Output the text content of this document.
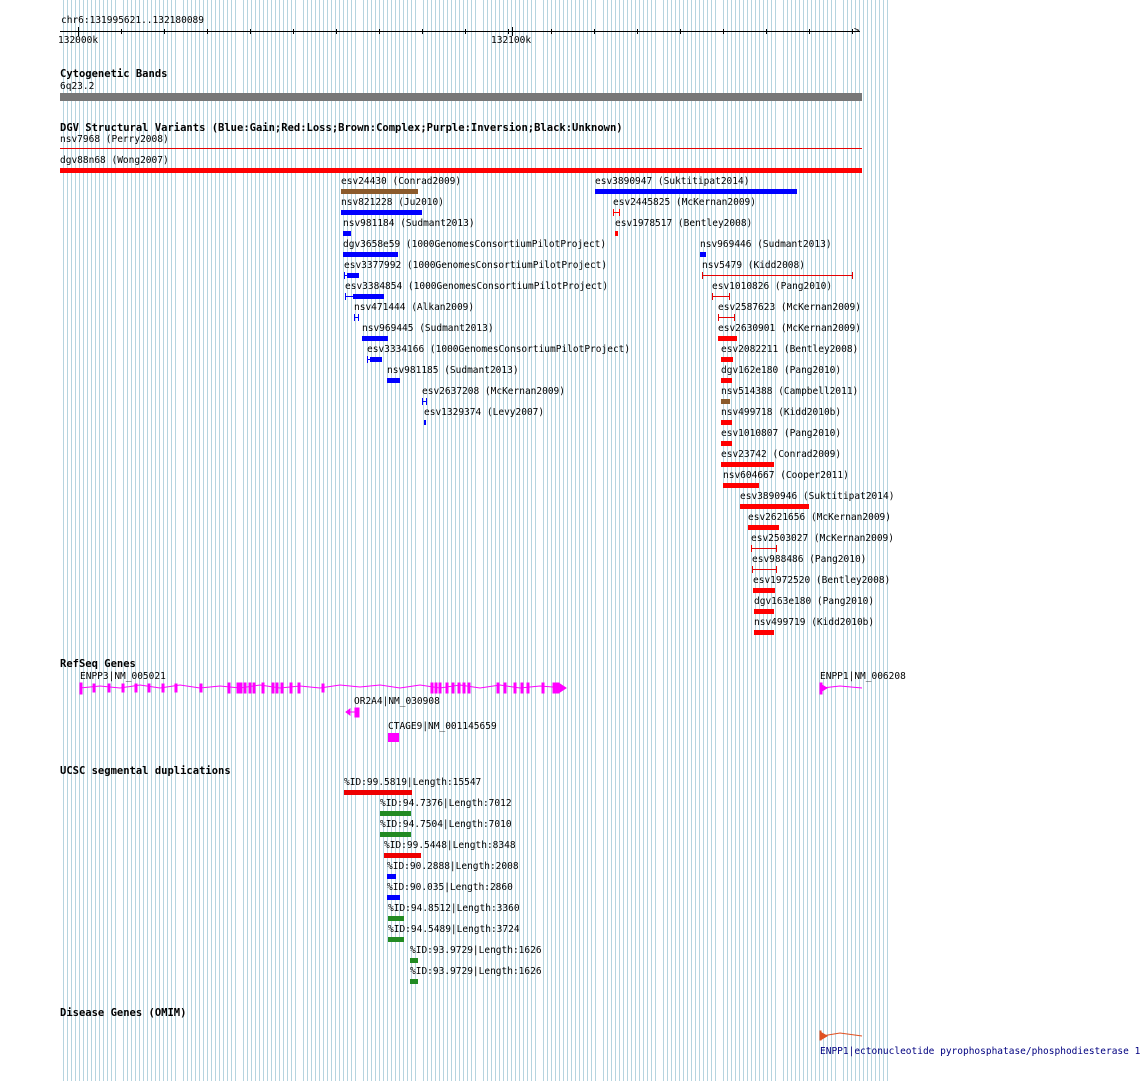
chr6:131995621..132180089
>
132000k	132100k
Cytogenetic Bands
6q23.2
DGV Structural Variants (Blue:Gain;Red:Loss;Brown:Complex;Purple:Inversion;Black:Unknown)
nsv7968 (Perry2008)
dgv88n68 (Wong2007)
esv24430 (Conrad2009)
nsv821228 (Ju2010)
nsv981184 (Sudmant2013)
dgv3658e59 (1000GenomesConsortiumPilotProject)
esv3377992 (1000GenomesConsortiumPilotProject)
esv3384854 (1000GenomesConsortiumPilotProject)
nsv471444 (Alkan2009)
nsv969445 (Sudmant2013)
esv3334166 (1000GenomesConsortiumPilotProject)
nsv981185 (Sudmant2013)
esv2637208 (McKernan2009)
esv1329374 (Levy2007)
esv3890947 (Suktitipat2014)
esv2445825 (McKernan2009)
esv1978517 (Bentley2008)
nsv969446 (Sudmant2013)
nsv5479 (Kidd2008)
esv1010826 (Pang2010)
esv2587623 (McKernan2009)
esv2630901 (McKernan2009)
esv2082211 (Bentley2008)
dgv162e180 (Pang2010)
nsv514388 (Campbell2011)
nsv499718 (Kidd2010b)
esv1010807 (Pang2010)
esv23742 (Conrad2009)
nsv604667 (Cooper2011)
esv3890946 (Suktitipat2014)
esv2621656 (McKernan2009)
esv2503027 (McKernan2009)
esv988486 (Pang2010)
esv1972520 (Bentley2008)
dgv163e180 (Pang2010)
nsv499719 (Kidd2010b)
RefSeq Genes
ENPP3|NM_005021
OR2A4|NM_030908
CTAGE9|NM_001145659
ENPP1|NM_006208
UCSC segmental duplications
%ID:99.5819|Length:15547
%ID:94.7376|Length:7012
%ID:94.7504|Length:7010
%ID:99.5448|Length:8348
%ID:90.2888|Length:2008
%ID:90.035|Length:2860
%ID:94.8512|Length:3360
%ID:94.5489|Length:3724
%ID:93.9729|Length:1626
%ID:93.9729|Length:1626
Disease Genes (OMIM)
ENPP1|ectonucleotide pyrophosphatase/phosphodiesterase 1
